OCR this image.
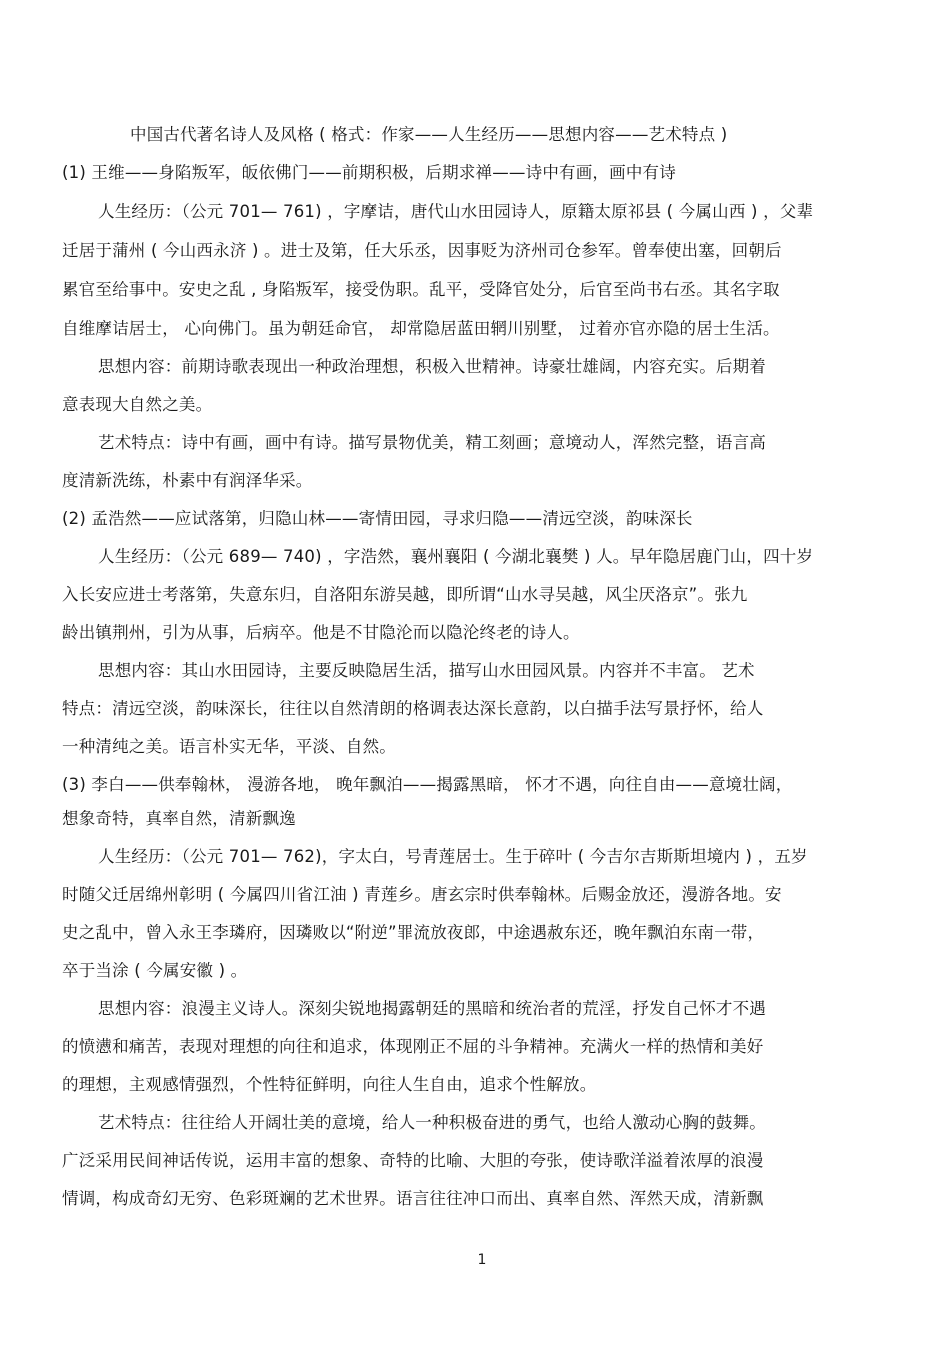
中国古代著名诗人及风格 ( 格式：作家——人生经历——思想内容——艺术特点 )
(1) 王维——身陷叛军，皈依佛门——前期积极，后期求禅——诗中有画，画中有诗
人生经历：（公元 701— 761) ，字摩诘，唐代山水田园诗人，原籍太原祁县 ( 今属山西 ) ，父辈
迁居于蒲州 ( 今山西永济 ) 。进士及第，任大乐丞，因事贬为济州司仓参军。曾奉使出塞，回朝后
累官至给事中。安史之乱 , 身陷叛军，接受伪职。乱平，受降官处分，后官至尚书右丞。其名字取
自维摩诘居士， 心向佛门。虽为朝廷命官， 却常隐居蓝田辋川别墅， 过着亦官亦隐的居士生活。
思想内容：前期诗歌表现出一种政治理想，积极入世精神。诗豪壮雄阔，内容充实。后期着
意表现大自然之美。
艺术特点：诗中有画，画中有诗。描写景物优美，精工刻画；意境动人，浑然完整，语言高
度清新洗练，朴素中有润泽华采。
(2) 孟浩然——应试落第，归隐山林——寄情田园，寻求归隐——清远空淡，韵味深长
人生经历：（公元 689— 740) ，字浩然，襄州襄阳 ( 今湖北襄樊 ) 人。早年隐居鹿门山，四十岁
入长安应进士考落第，失意东归，自洛阳东游吴越，即所谓“山水寻吴越，风尘厌洛京”。张九
龄出镇荆州，引为从事，后病卒。他是不甘隐沦而以隐沦终老的诗人。
思想内容：其山水田园诗，主要反映隐居生活，描写山水田园风景。内容并不丰富。 艺术
特点：清远空淡，韵味深长，往往以自然清朗的格调表达深长意韵，以白描手法写景抒怀，给人
一种清纯之美。语言朴实无华，平淡、自然。
(3) 李白——供奉翰林， 漫游各地， 晚年飘泊——揭露黑暗， 怀才不遇，向往自由——意境壮阔，
想象奇特，真率自然，清新飘逸
人生经历：（公元 701— 762)，字太白，号青莲居士。生于碎叶 ( 今吉尔吉斯斯坦境内 ) ，五岁
时随父迁居绵州彰明 ( 今属四川省江油 ) 青莲乡。唐玄宗时供奉翰林。后赐金放还，漫游各地。安
史之乱中，曾入永王李璘府，因璘败以“附逆”罪流放夜郎，中途遇赦东还，晚年飘泊东南一带，
卒于当涂 ( 今属安徽 ) 。
思想内容：浪漫主义诗人。深刻尖锐地揭露朝廷的黑暗和统治者的荒淫，抒发自己怀才不遇
的愤懑和痛苦，表现对理想的向往和追求，体现刚正不屈的斗争精神。充满火一样的热情和美好
的理想，主观感情强烈，个性特征鲜明，向往人生自由，追求个性解放。
艺术特点：往往给人开阔壮美的意境，给人一种积极奋进的勇气，也给人激动心胸的鼓舞。
广泛采用民间神话传说，运用丰富的想象、奇特的比喻、大胆的夸张，使诗歌洋溢着浓厚的浪漫
情调，构成奇幻无穷、色彩斑斓的艺术世界。语言往往冲口而出、真率自然、浑然天成，清新飘
1
